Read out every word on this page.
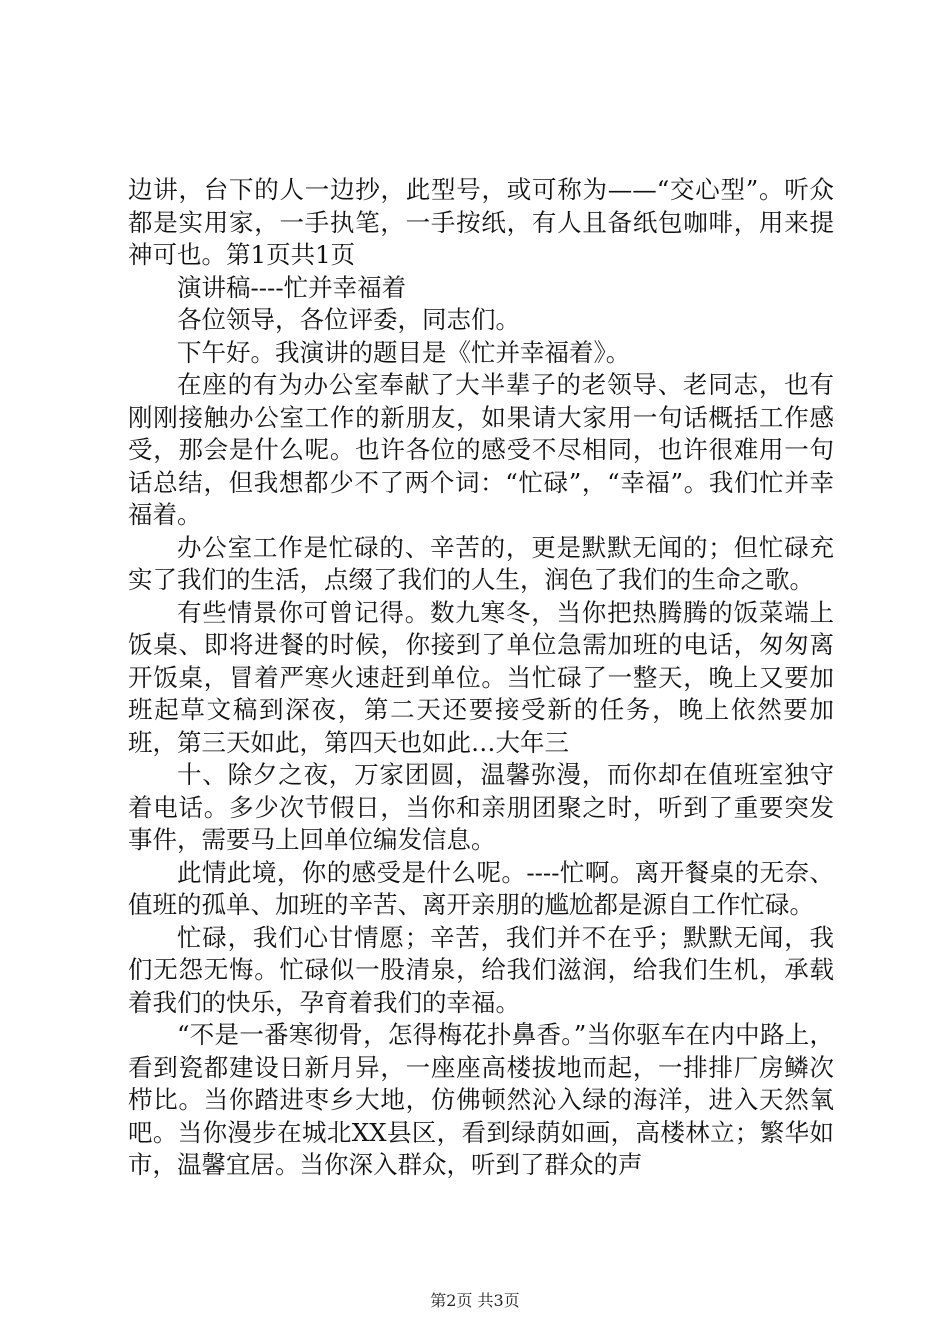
边讲，台下的人一边抄，此型号，或可称为——“交心型”。听众都是实用家，一手执笔，一手按纸，有人且备纸包咖啡，用来提神可也。第1页共1页

演讲稿----忙并幸福着

各位领导，各位评委，同志们。

下午好。我演讲的题目是《忙并幸福着》。

在座的有为办公室奉献了大半辈子的老领导、老同志，也有刚刚接触办公室工作的新朋友，如果请大家用一句话概括工作感受，那会是什么呢。也许各位的感受不尽相同，也许很难用一句话总结，但我想都少不了两个词：“忙碌”，“幸福”。我们忙并幸福着。

办公室工作是忙碌的、辛苦的，更是默默无闻的；但忙碌充实了我们的生活，点缀了我们的人生，润色了我们的生命之歌。

有些情景你可曾记得。数九寒冬，当你把热腾腾的饭菜端上饭桌、即将进餐的时候，你接到了单位急需加班的电话，匆匆离开饭桌，冒着严寒火速赶到单位。当忙碌了一整天，晚上又要加班起草文稿到深夜，第二天还要接受新的任务，晚上依然要加班，第三天如此，第四天也如此…大年三

十、除夕之夜，万家团圆，温馨弥漫，而你却在值班室独守着电话。多少次节假日，当你和亲朋团聚之时，听到了重要突发事件，需要马上回单位编发信息。

此情此境，你的感受是什么呢。----忙啊。离开餐桌的无奈、值班的孤单、加班的辛苦、离开亲朋的尴尬都是源自工作忙碌。

忙碌，我们心甘情愿；辛苦，我们并不在乎；默默无闻，我们无怨无悔。忙碌似一股清泉，给我们滋润，给我们生机，承载着我们的快乐，孕育着我们的幸福。

“不是一番寒彻骨，怎得梅花扑鼻香。”当你驱车在内中路上，看到瓷都建设日新月异，一座座高楼拔地而起，一排排厂房鳞次栉比。当你踏进枣乡大地，仿佛顿然沁入绿的海洋，进入天然氧吧。当你漫步在城北XX县区，看到绿荫如画，高楼林立；繁华如市，温馨宜居。当你深入群众，听到了群众的声

第2页 共3页
